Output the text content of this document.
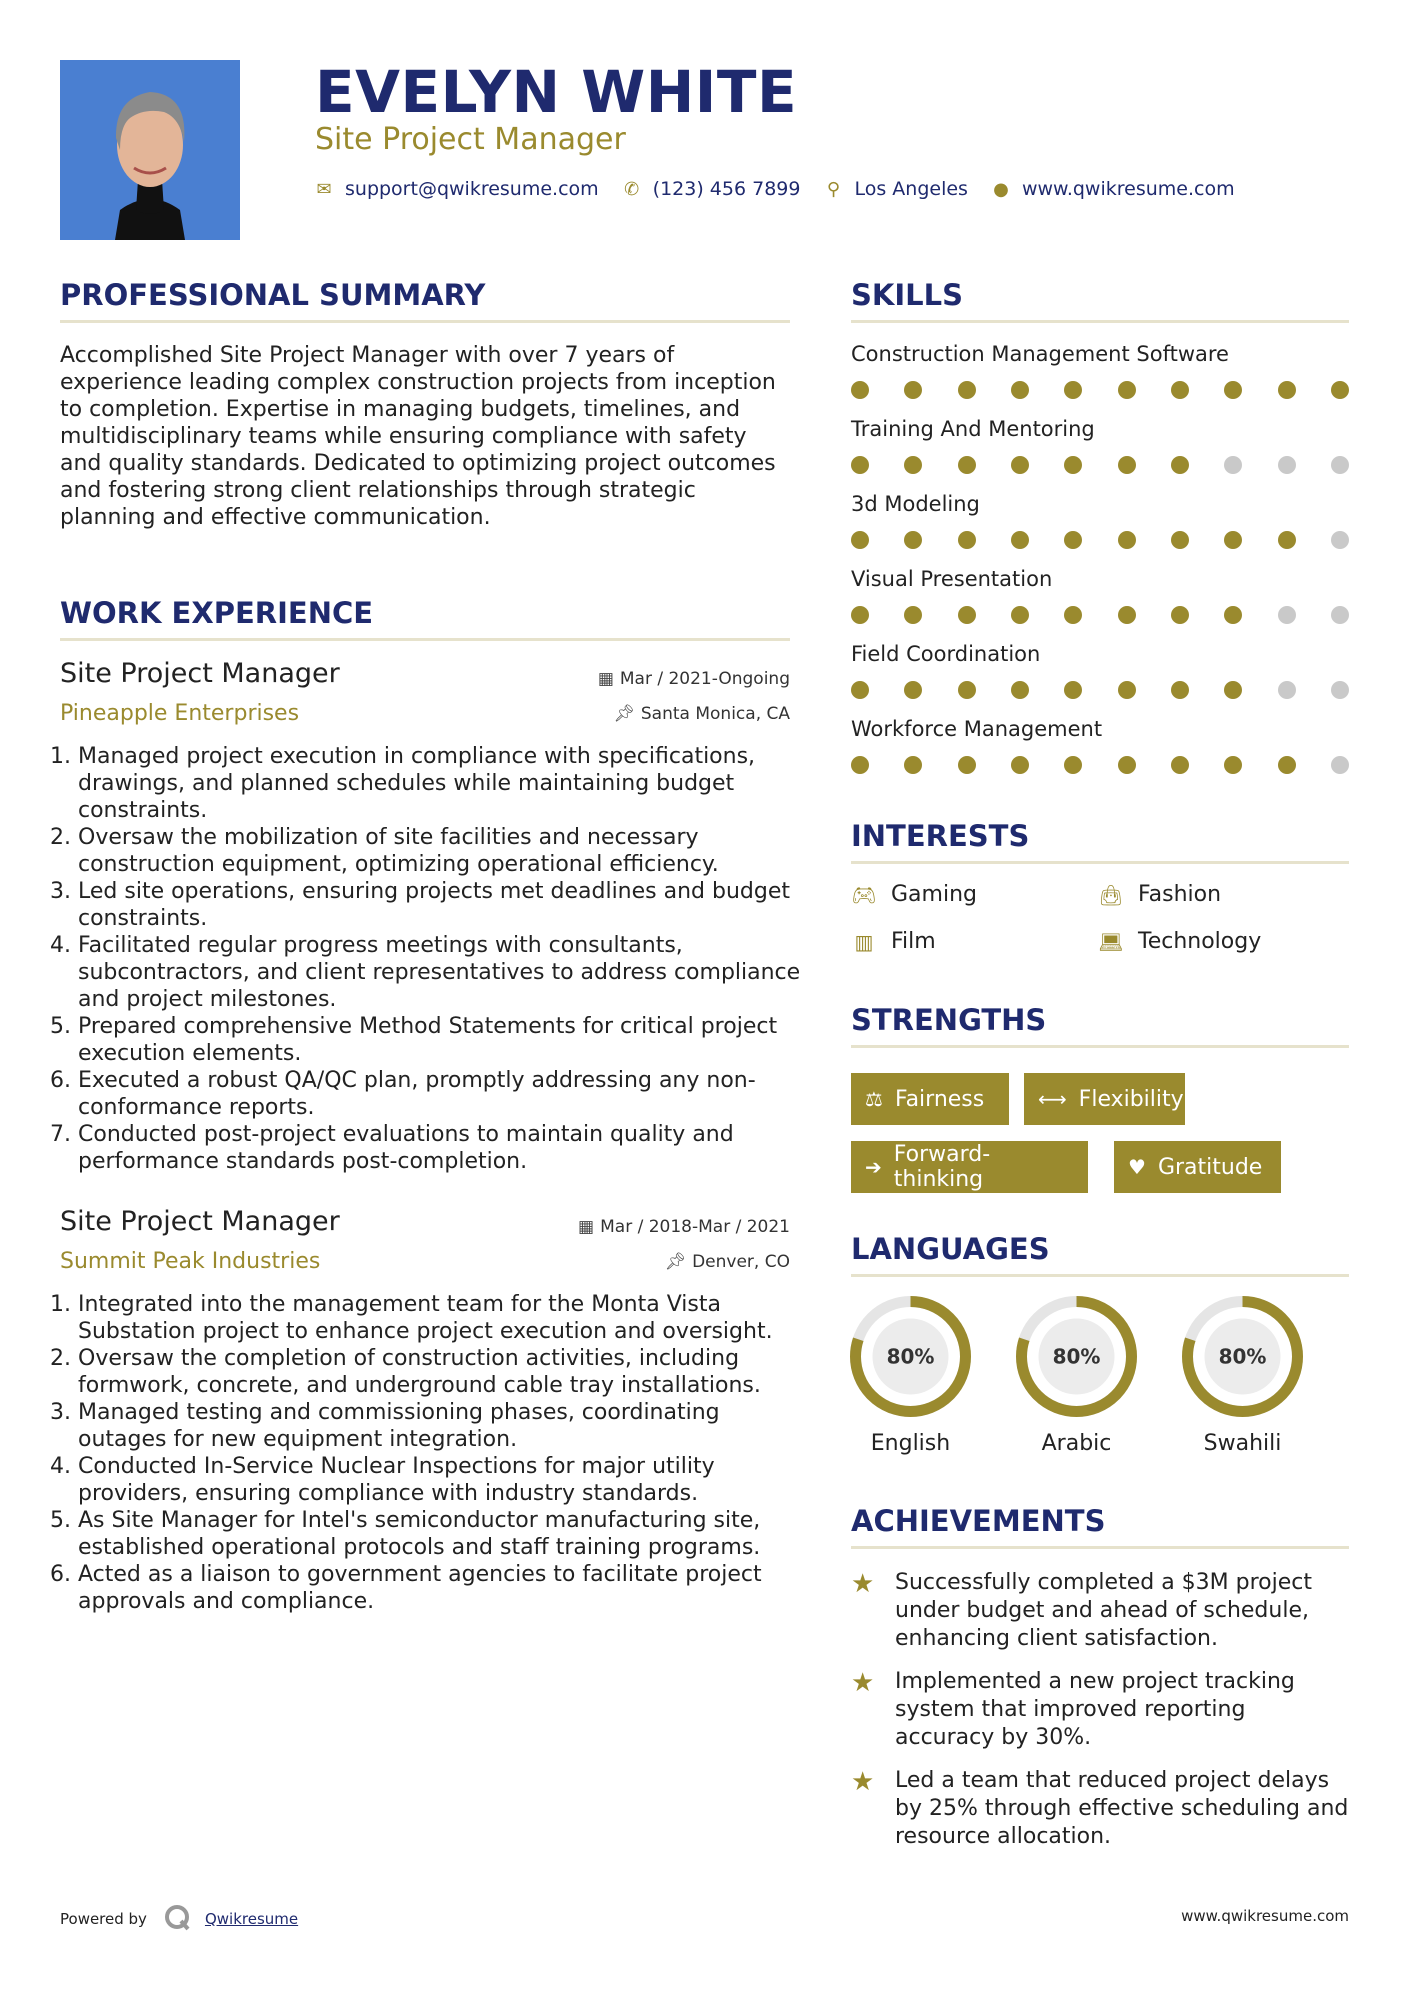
EVELYN WHITE
Site Project Manager
✉ support@qwikresume.com ✆ (123) 456 7899 ⚲ Los Angeles ● www.qwikresume.com
PROFESSIONAL SUMMARY
Accomplished Site Project Manager with over 7 years of experience leading complex construction projects from inception to completion. Expertise in managing budgets, timelines, and multidisciplinary teams while ensuring compliance with safety and quality standards. Dedicated to optimizing project outcomes and fostering strong client relationships through strategic planning and effective communication.
WORK EXPERIENCE
Site Project Manager
Pineapple Enterprises
▦ Mar / 2021-Ongoing
📌︎ Santa Monica, CA
1. Managed project execution in compliance with specifications, drawings, and planned schedules while maintaining budget constraints.
2. Oversaw the mobilization of site facilities and necessary construction equipment, optimizing operational efficiency.
3. Led site operations, ensuring projects met deadlines and budget constraints.
4. Facilitated regular progress meetings with consultants, subcontractors, and client representatives to address compliance and project milestones.
5. Prepared comprehensive Method Statements for critical project execution elements.
6. Executed a robust QA/QC plan, promptly addressing any non-conformance reports.
7. Conducted post-project evaluations to maintain quality and performance standards post-completion.
Site Project Manager
Summit Peak Industries
▦ Mar / 2018-Mar / 2021
📌︎ Denver, CO
1. Integrated into the management team for the Monta Vista Substation project to enhance project execution and oversight.
2. Oversaw the completion of construction activities, including formwork, concrete, and underground cable tray installations.
3. Managed testing and commissioning phases, coordinating outages for new equipment integration.
4. Conducted In-Service Nuclear Inspections for major utility providers, ensuring compliance with industry standards.
5. As Site Manager for Intel's semiconductor manufacturing site, established operational protocols and staff training programs.
6. Acted as a liaison to government agencies to facilitate project approvals and compliance.
SKILLS
Construction Management Software
Training And Mentoring
3d Modeling
Visual Presentation
Field Coordination
Workforce Management
INTERESTS
🎮︎ Gaming	👜︎ Fashion
▥ Film	💻︎ Technology
STRENGTHS
⚖ Fairness	⟷ Flexibility
➔ Forward-thinking	♥ Gratitude
LANGUAGES
80%
English
80%
Arabic
80%
Swahili
ACHIEVEMENTS
★ Successfully completed a $3M project under budget and ahead of schedule, enhancing client satisfaction.
★ Implemented a new project tracking system that improved reporting accuracy by 30%.
★ Led a team that reduced project delays by 25% through effective scheduling and resource allocation.
Powered by	Qwikresume	www.qwikresume.com
